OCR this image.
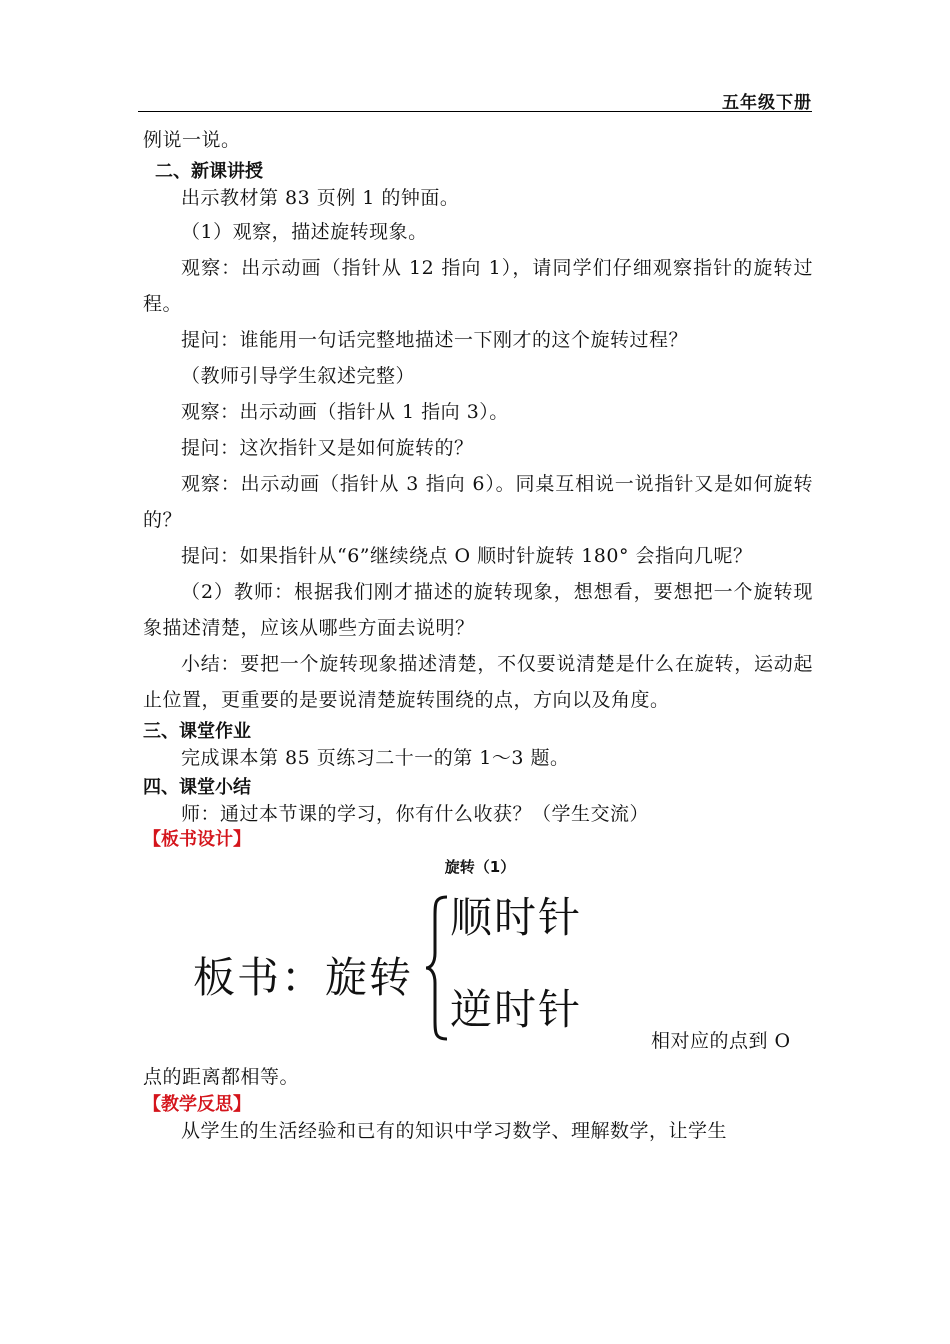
五年级下册

例说一说。

二、新课讲授

出示教材第 83 页例 1 的钟面。

（1）观察，描述旋转现象。

观察：出示动画（指针从 12 指向 1），请同学们仔细观察指针的旋转过程。

提问：谁能用一句话完整地描述一下刚才的这个旋转过程？

（教师引导学生叙述完整）

观察：出示动画（指针从 1 指向 3）。

提问：这次指针又是如何旋转的？

观察：出示动画（指针从 3 指向 6）。同桌互相说一说指针又是如何旋转的？

提问：如果指针从“6”继续绕点 O 顺时针旋转 180° 会指向几呢？

（2）教师：根据我们刚才描述的旋转现象，想想看，要想把一个旋转现象描述清楚，应该从哪些方面去说明？

小结：要把一个旋转现象描述清楚，不仅要说清楚是什么在旋转，运动起止位置，更重要的是要说清楚旋转围绕的点，方向以及角度。

三、课堂作业

完成课本第 85 页练习二十一的第 1～3 题。

四、课堂小结

师：通过本节课的学习，你有什么收获？（学生交流）

【板书设计】

旋转（1）
板书：旋转
顺时针
逆时针
相对应的点到 O

点的距离都相等。

【教学反思】

从学生的生活经验和已有的知识中学习数学、理解数学，让学生
